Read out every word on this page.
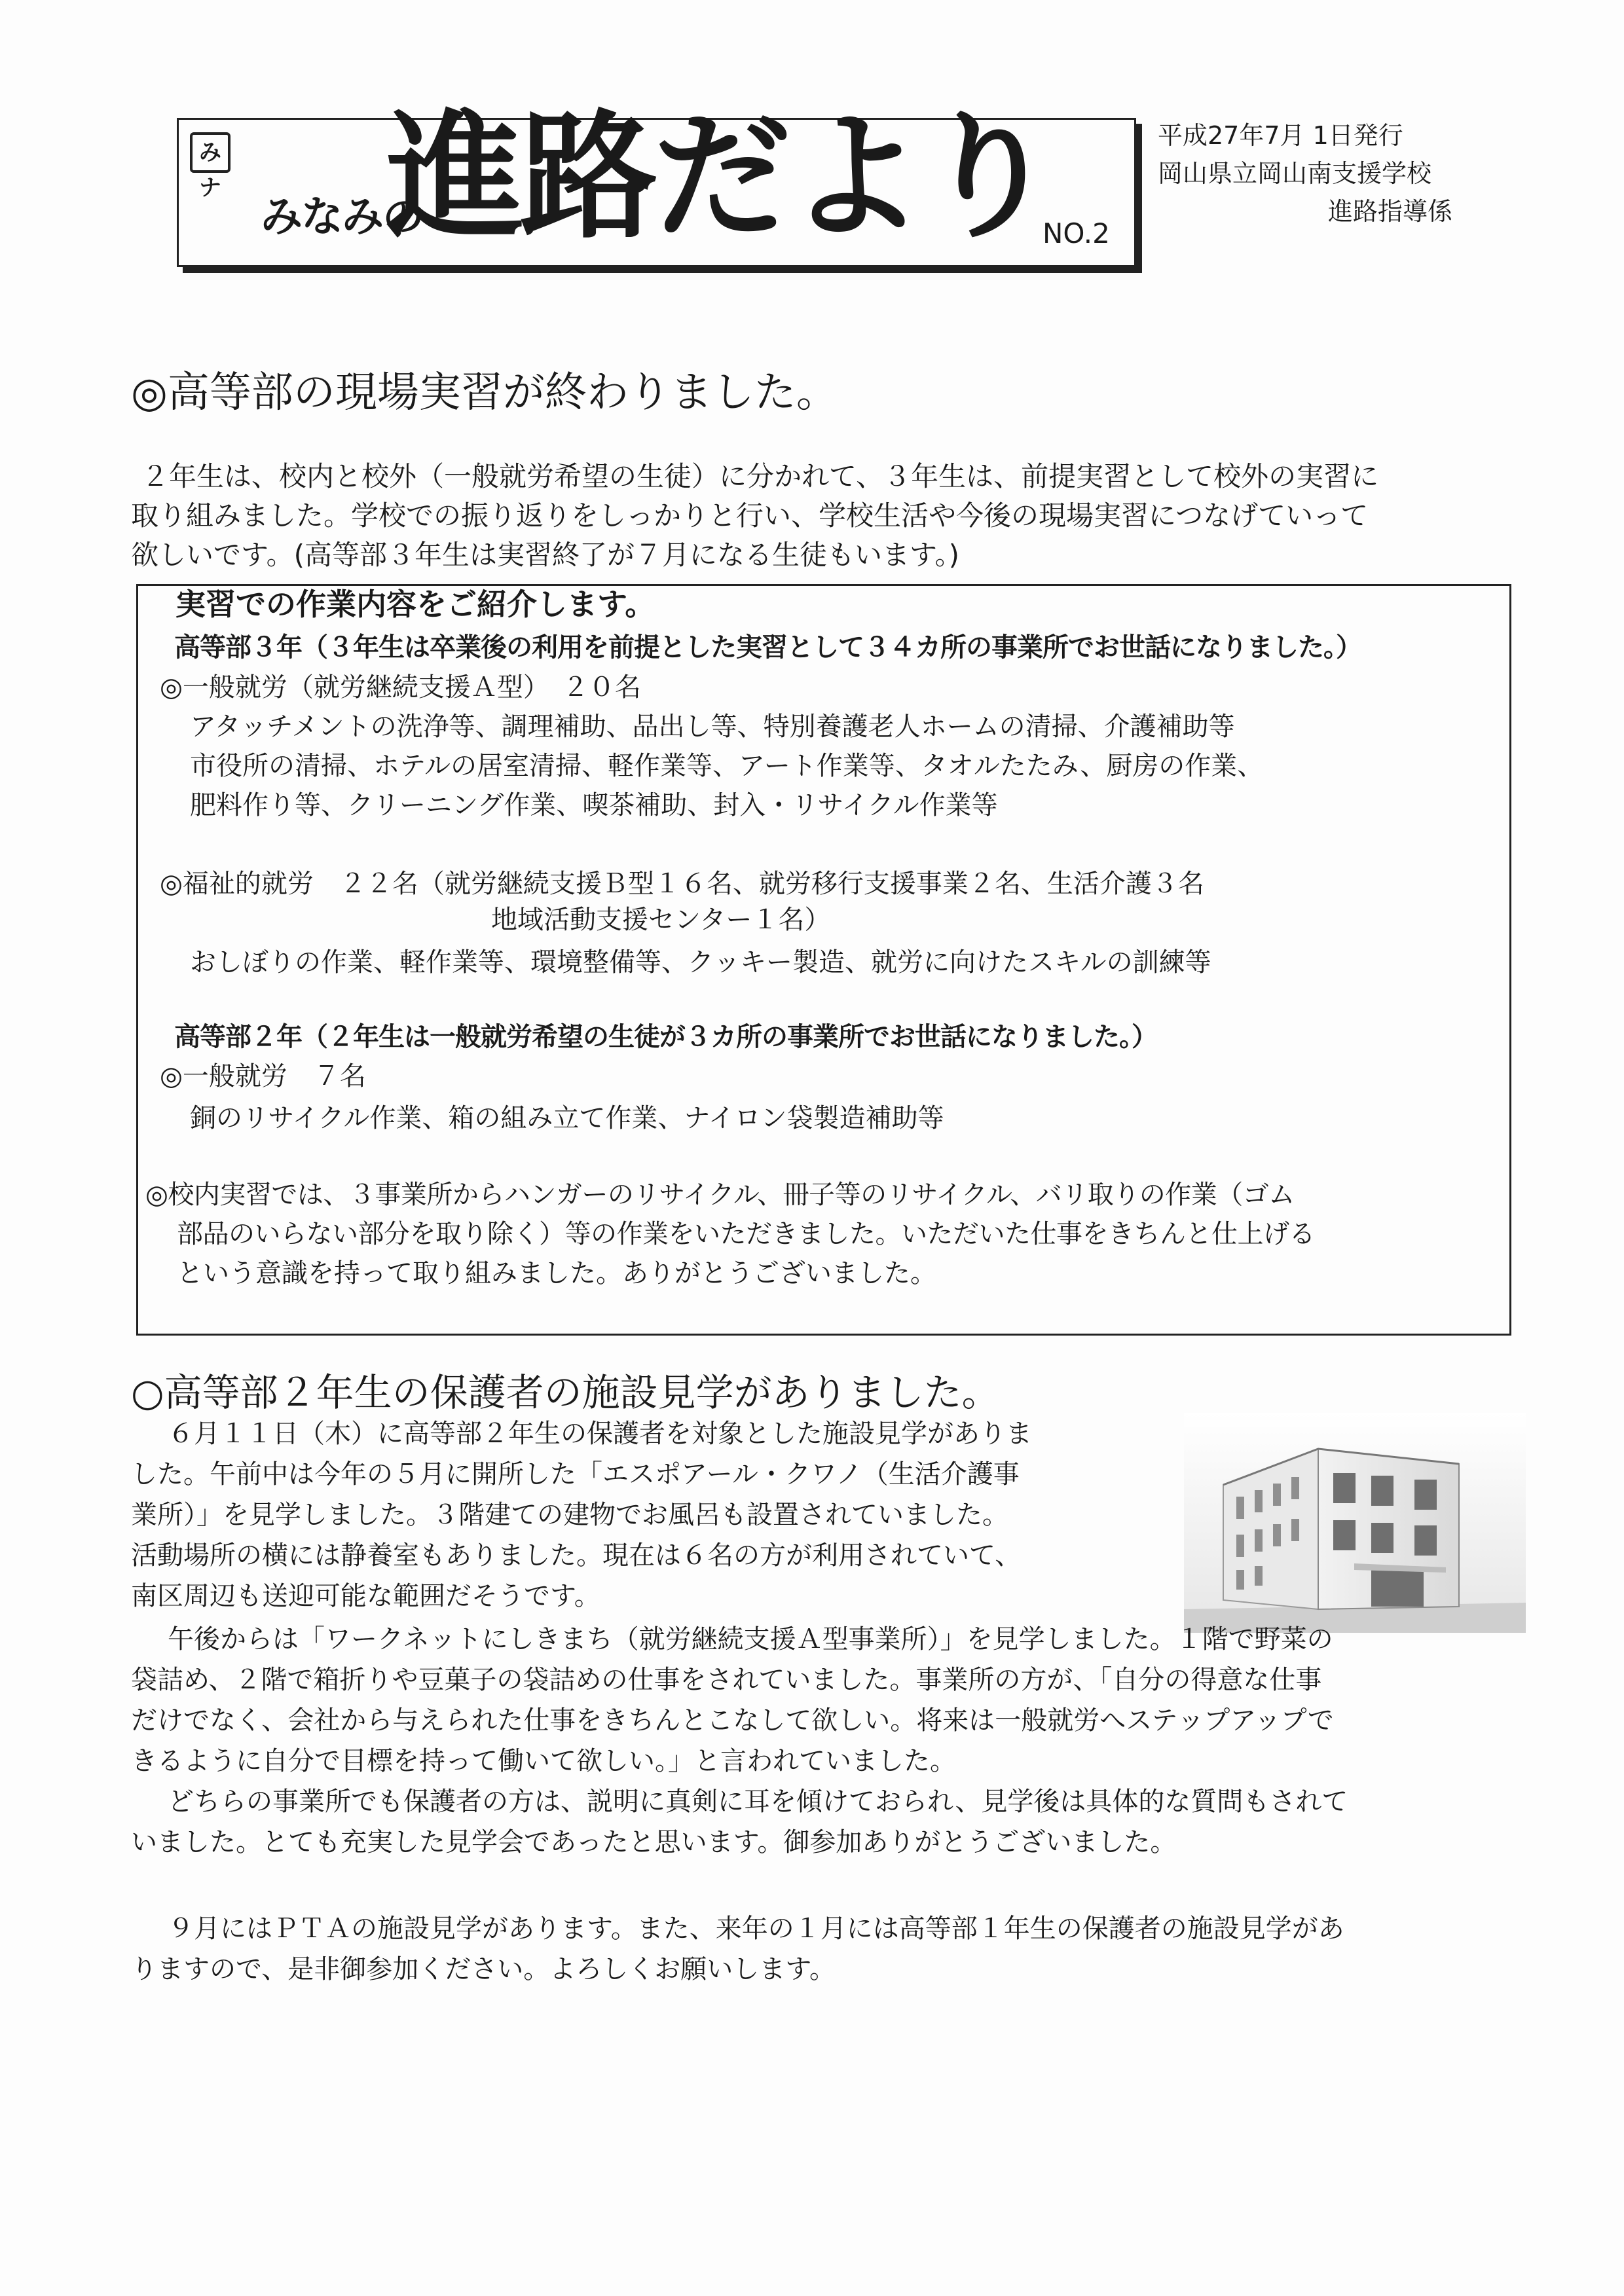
みナ
みなみの
進路だより
NO.2
平成27年7月 1日発行
岡山県立岡山南支援学校
進路指導係
◎高等部の現場実習が終わりました。
２年生は、校内と校外（一般就労希望の生徒）に分かれて、３年生は、前提実習として校外の実習に
取り組みました。学校での振り返りをしっかりと行い、学校生活や今後の現場実習につなげていって
欲しいです。(高等部３年生は実習終了が７月になる生徒もいます。)
実習での作業内容をご紹介します。
高等部３年（３年生は卒業後の利用を前提とした実習として３４カ所の事業所でお世話になりました。）
◎一般就労（就労継続支援Ａ型）　２０名
アタッチメントの洗浄等、調理補助、品出し等、特別養護老人ホームの清掃、介護補助等
市役所の清掃、ホテルの居室清掃、軽作業等、アート作業等、タオルたたみ、厨房の作業、
肥料作り等、クリーニング作業、喫茶補助、封入・リサイクル作業等
◎福祉的就労　２２名（就労継続支援Ｂ型１６名、就労移行支援事業２名、生活介護３名
地域活動支援センター１名）
おしぼりの作業、軽作業等、環境整備等、クッキー製造、就労に向けたスキルの訓練等
高等部２年（２年生は一般就労希望の生徒が３カ所の事業所でお世話になりました。）
◎一般就労　７名
銅のリサイクル作業、箱の組み立て作業、ナイロン袋製造補助等
◎校内実習では、３事業所からハンガーのリサイクル、冊子等のリサイクル、バリ取りの作業（ゴム
部品のいらない部分を取り除く）等の作業をいただきました。いただいた仕事をきちんと仕上げる
という意識を持って取り組みました。ありがとうございました。
○高等部２年生の保護者の施設見学がありました。
６月１１日（木）に高等部２年生の保護者を対象とした施設見学がありま
した。午前中は今年の５月に開所した「エスポアール・クワノ（生活介護事
業所）」を見学しました。３階建ての建物でお風呂も設置されていました。
活動場所の横には静養室もありました。現在は６名の方が利用されていて、
南区周辺も送迎可能な範囲だそうです。
午後からは「ワークネットにしきまち（就労継続支援Ａ型事業所）」を見学しました。１階で野菜の
袋詰め、２階で箱折りや豆菓子の袋詰めの仕事をされていました。事業所の方が、「自分の得意な仕事
だけでなく、会社から与えられた仕事をきちんとこなして欲しい。将来は一般就労へステップアップで
きるように自分で目標を持って働いて欲しい。」と言われていました。
どちらの事業所でも保護者の方は、説明に真剣に耳を傾けておられ、見学後は具体的な質問もされて
いました。とても充実した見学会であったと思います。御参加ありがとうございました。
９月にはＰＴＡの施設見学があります。また、来年の１月には高等部１年生の保護者の施設見学があ
りますので、是非御参加ください。よろしくお願いします。
